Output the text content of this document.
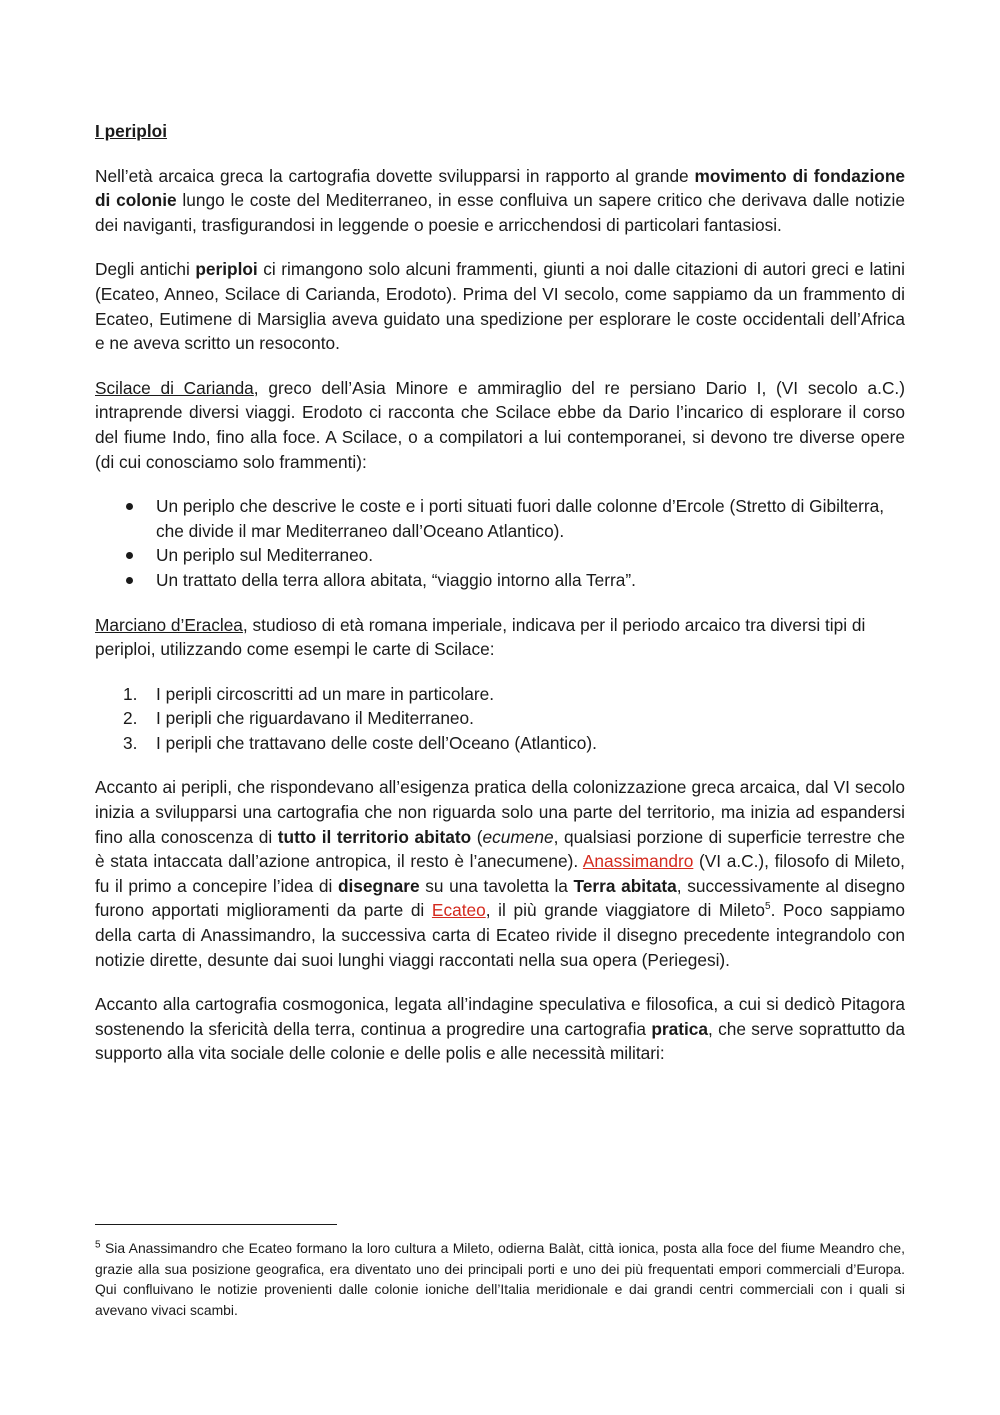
I periploi

Nell’età arcaica greca la cartografia dovette svilupparsi in rapporto al grande movimento di fondazione di colonie lungo le coste del Mediterraneo, in esse confluiva un sapere critico che derivava dalle notizie dei naviganti, trasfigurandosi in leggende o poesie e arricchendosi di particolari fantasiosi.

Degli antichi periploi ci rimangono solo alcuni frammenti, giunti a noi dalle citazioni di autori greci e latini (Ecateo, Anneo, Scilace di Carianda, Erodoto). Prima del VI secolo, come sappiamo da un frammento di Ecateo, Eutimene di Marsiglia aveva guidato una spedizione per esplorare le coste occidentali dell’Africa e ne aveva scritto un resoconto.

Scilace di Carianda, greco dell’Asia Minore e ammiraglio del re persiano Dario I, (VI secolo a.C.) intraprende diversi viaggi. Erodoto ci racconta che Scilace ebbe da Dario l’incarico di esplorare il corso del fiume Indo, fino alla foce. A Scilace, o a compilatori a lui contemporanei, si devono tre diverse opere (di cui conosciamo solo frammenti):

Un periplo che descrive le coste e i porti situati fuori dalle colonne d’Ercole (Stretto di Gibilterra, che divide il mar Mediterraneo dall’Oceano Atlantico).
Un periplo sul Mediterraneo.
Un trattato della terra allora abitata, “viaggio intorno alla Terra”.

Marciano d’Eraclea, studioso di età romana imperiale, indicava per il periodo arcaico tra diversi tipi di periploi, utilizzando come esempi le carte di Scilace:

1. I peripli circoscritti ad un mare in particolare.
2. I peripli che riguardavano il Mediterraneo.
3. I peripli che trattavano delle coste dell’Oceano (Atlantico).

Accanto ai peripli, che rispondevano all’esigenza pratica della colonizzazione greca arcaica, dal VI secolo inizia a svilupparsi una cartografia che non riguarda solo una parte del territorio, ma inizia ad espandersi fino alla conoscenza di tutto il territorio abitato (ecumene, qualsiasi porzione di superficie terrestre che è stata intaccata dall’azione antropica, il resto è l’anecumene). Anassimandro (VI a.C.), filosofo di Mileto, fu il primo a concepire l’idea di disegnare su una tavoletta la Terra abitata, successivamente al disegno furono apportati miglioramenti da parte di Ecateo, il più grande viaggiatore di Mileto$^5$. Poco sappiamo della carta di Anassimandro, la successiva carta di Ecateo rivide il disegno precedente integrandolo con notizie dirette, desunte dai suoi lunghi viaggi raccontati nella sua opera (Periegesi).

Accanto alla cartografia cosmogonica, legata all’indagine speculativa e filosofica, a cui si dedicò Pitagora sostenendo la sfericità della terra, continua a progredire una cartografia pratica, che serve soprattutto da supporto alla vita sociale delle colonie e delle polis e alle necessità militari:

$^5$ Sia Anassimandro che Ecateo formano la loro cultura a Mileto, odierna Balàt, città ionica, posta alla foce del fiume Meandro che, grazie alla sua posizione geografica, era diventato uno dei principali porti e uno dei più frequentati empori commerciali d’Europa. Qui confluivano le notizie provenienti dalle colonie ioniche dell’Italia meridionale e dai grandi centri commerciali con i quali si avevano vivaci scambi.
